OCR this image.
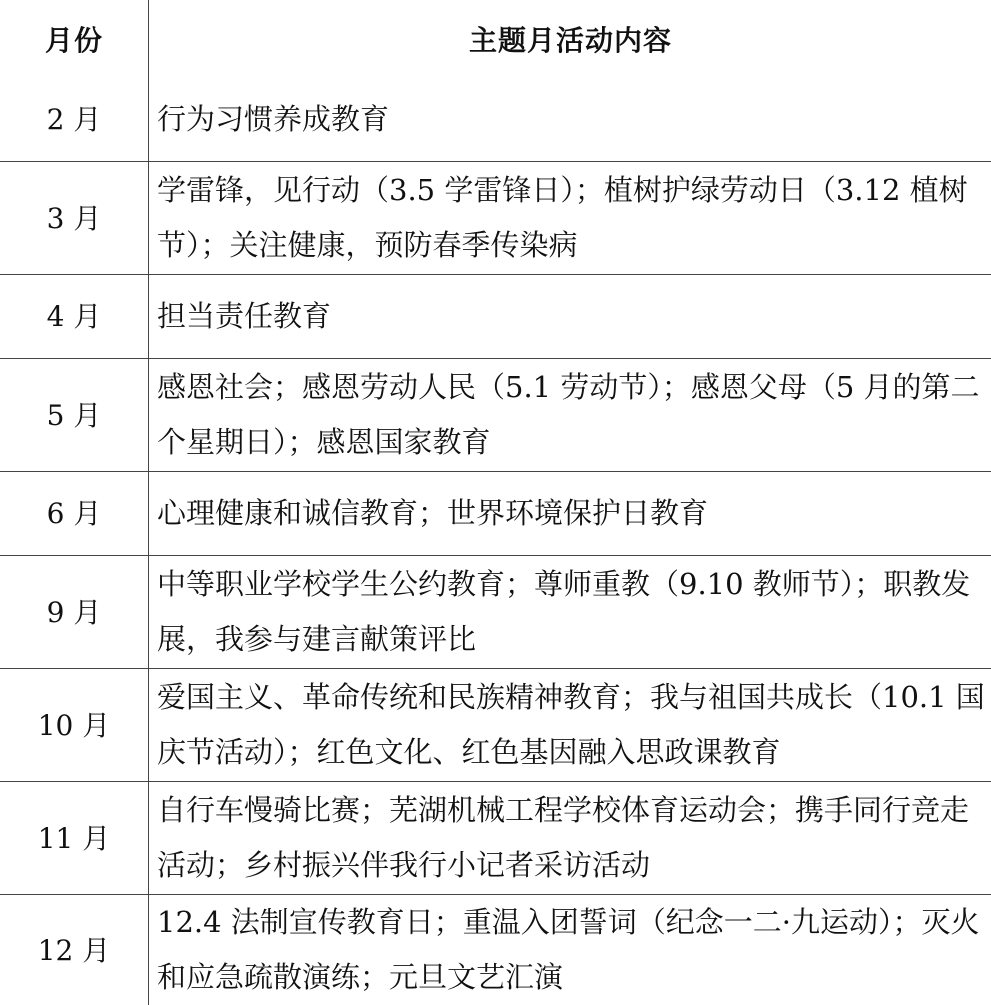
月份	主题月活动内容
2 月	行为习惯养成教育
3 月	学雷锋，见行动（3.5 学雷锋日）；植树护绿劳动日（3.12 植树节）；关注健康，预防春季传染病
4 月	担当责任教育
5 月	感恩社会；感恩劳动人民（5.1 劳动节）；感恩父母（5 月的第二个星期日）；感恩国家教育
6 月	心理健康和诚信教育；世界环境保护日教育
9 月	中等职业学校学生公约教育；尊师重教（9.10 教师节）；职教发展，我参与建言献策评比
10 月	爱国主义、革命传统和民族精神教育；我与祖国共成长（10.1 国庆节活动）；红色文化、红色基因融入思政课教育
11 月	自行车慢骑比赛；芜湖机械工程学校体育运动会；携手同行竞走活动；乡村振兴伴我行小记者采访活动
12 月	12.4 法制宣传教育日；重温入团誓词（纪念一二·九运动）；灭火和应急疏散演练；元旦文艺汇演
